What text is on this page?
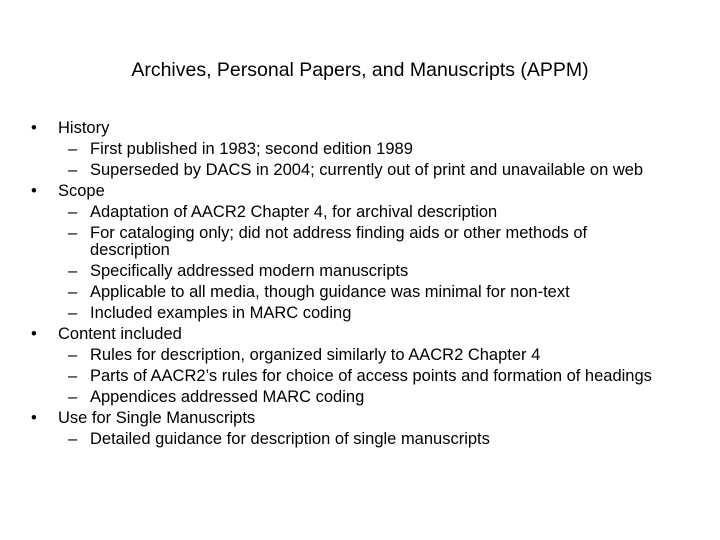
Archives, Personal Papers, and Manuscripts (APPM)
• History
– First published in 1983; second edition 1989
– Superseded by DACS in 2004; currently out of print and unavailable on web
• Scope
– Adaptation of AACR2 Chapter 4, for archival description
– For cataloging only; did not address finding aids or other methods of description
– Specifically addressed modern manuscripts
– Applicable to all media, though guidance was minimal for non-text
– Included examples in MARC coding
• Content included
– Rules for description, organized similarly to AACR2 Chapter 4
– Parts of AACR2’s rules for choice of access points and formation of headings
– Appendices addressed MARC coding
• Use for Single Manuscripts
– Detailed guidance for description of single manuscripts
